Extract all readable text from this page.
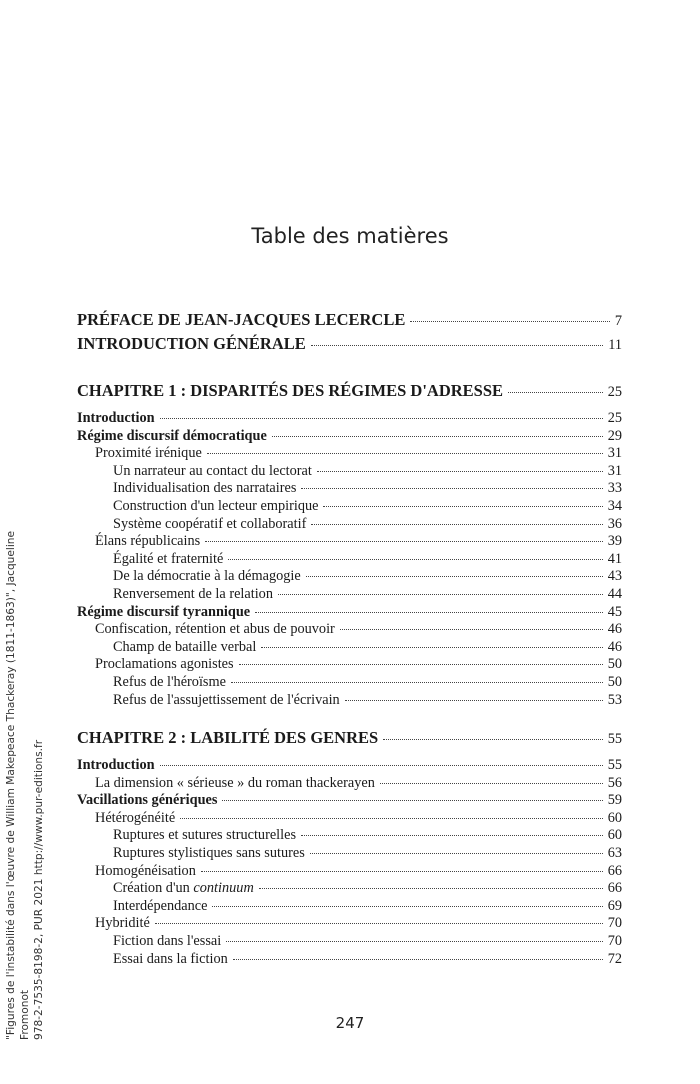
Table des matières
PRÉFACE DE JEAN-JACQUES LECERCLE	7
INTRODUCTION GÉNÉRALE	11
CHAPITRE 1 : DISPARITÉS DES RÉGIMES D'ADRESSE	25
Introduction	25
Régime discursif démocratique	29
Proximité irénique	31
Un narrateur au contact du lectorat	31
Individualisation des narrataires	33
Construction d'un lecteur empirique	34
Système coopératif et collaboratif	36
Élans républicains	39
Égalité et fraternité	41
De la démocratie à la démagogie	43
Renversement de la relation	44
Régime discursif tyrannique	45
Confiscation, rétention et abus de pouvoir	46
Champ de bataille verbal	46
Proclamations agonistes	50
Refus de l'héroïsme	50
Refus de l'assujettissement de l'écrivain	53
CHAPITRE 2 : LABILITÉ DES GENRES	55
Introduction	55
La dimension « sérieuse » du roman thackerayen	56
Vacillations génériques	59
Hétérogénéité	60
Ruptures et sutures structurelles	60
Ruptures stylistiques sans sutures	63
Homogénéisation	66
Création d'un continuum	66
Interdépendance	69
Hybridité	70
Fiction dans l'essai	70
Essai dans la fiction	72
"Figures de l'instabilité dans l'œuvre de William Makepeace Thackeray (1811-1863)", Jacqueline Fromonot 978-2-7535-8198-2, PUR 2021 http://www.pur-editions.fr	247
